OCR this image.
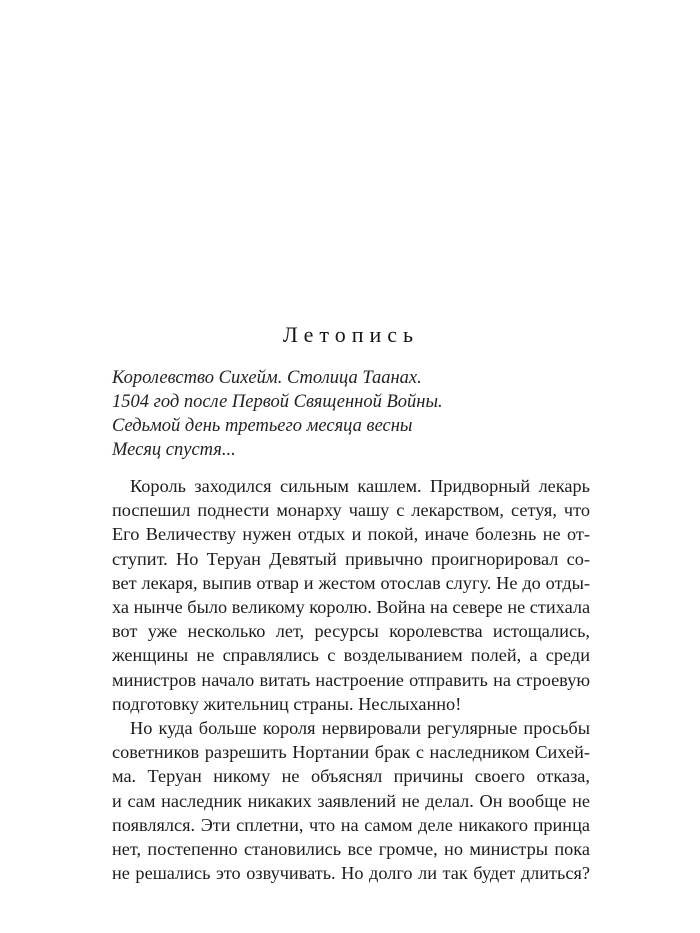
Летопись
Королевство Сихейм. Столица Таанах.
1504 год после Первой Священной Войны.
Седьмой день третьего месяца весны
Месяц спустя...
Король заходился сильным кашлем. Придворный лекарь
поспешил поднести монарху чашу с лекарством, сетуя, что
Его Величеству нужен отдых и покой, иначе болезнь не от-
ступит. Но Теруан Девятый привычно проигнорировал со-
вет лекаря, выпив отвар и жестом отослав слугу. Не до отды-
ха нынче было великому королю. Война на севере не стихала
вот уже несколько лет, ресурсы королевства истощались,
женщины не справлялись с возделыванием полей, а среди
министров начало витать настроение отправить на строевую
подготовку жительниц страны. Неслыханно!
Но куда больше короля нервировали регулярные просьбы
советников разрешить Нортании брак с наследником Сихей-
ма. Теруан никому не объяснял причины своего отказа,
и сам наследник никаких заявлений не делал. Он вообще не
появлялся. Эти сплетни, что на самом деле никакого принца
нет, постепенно становились все громче, но министры пока
не решались это озвучивать. Но долго ли так будет длиться?
